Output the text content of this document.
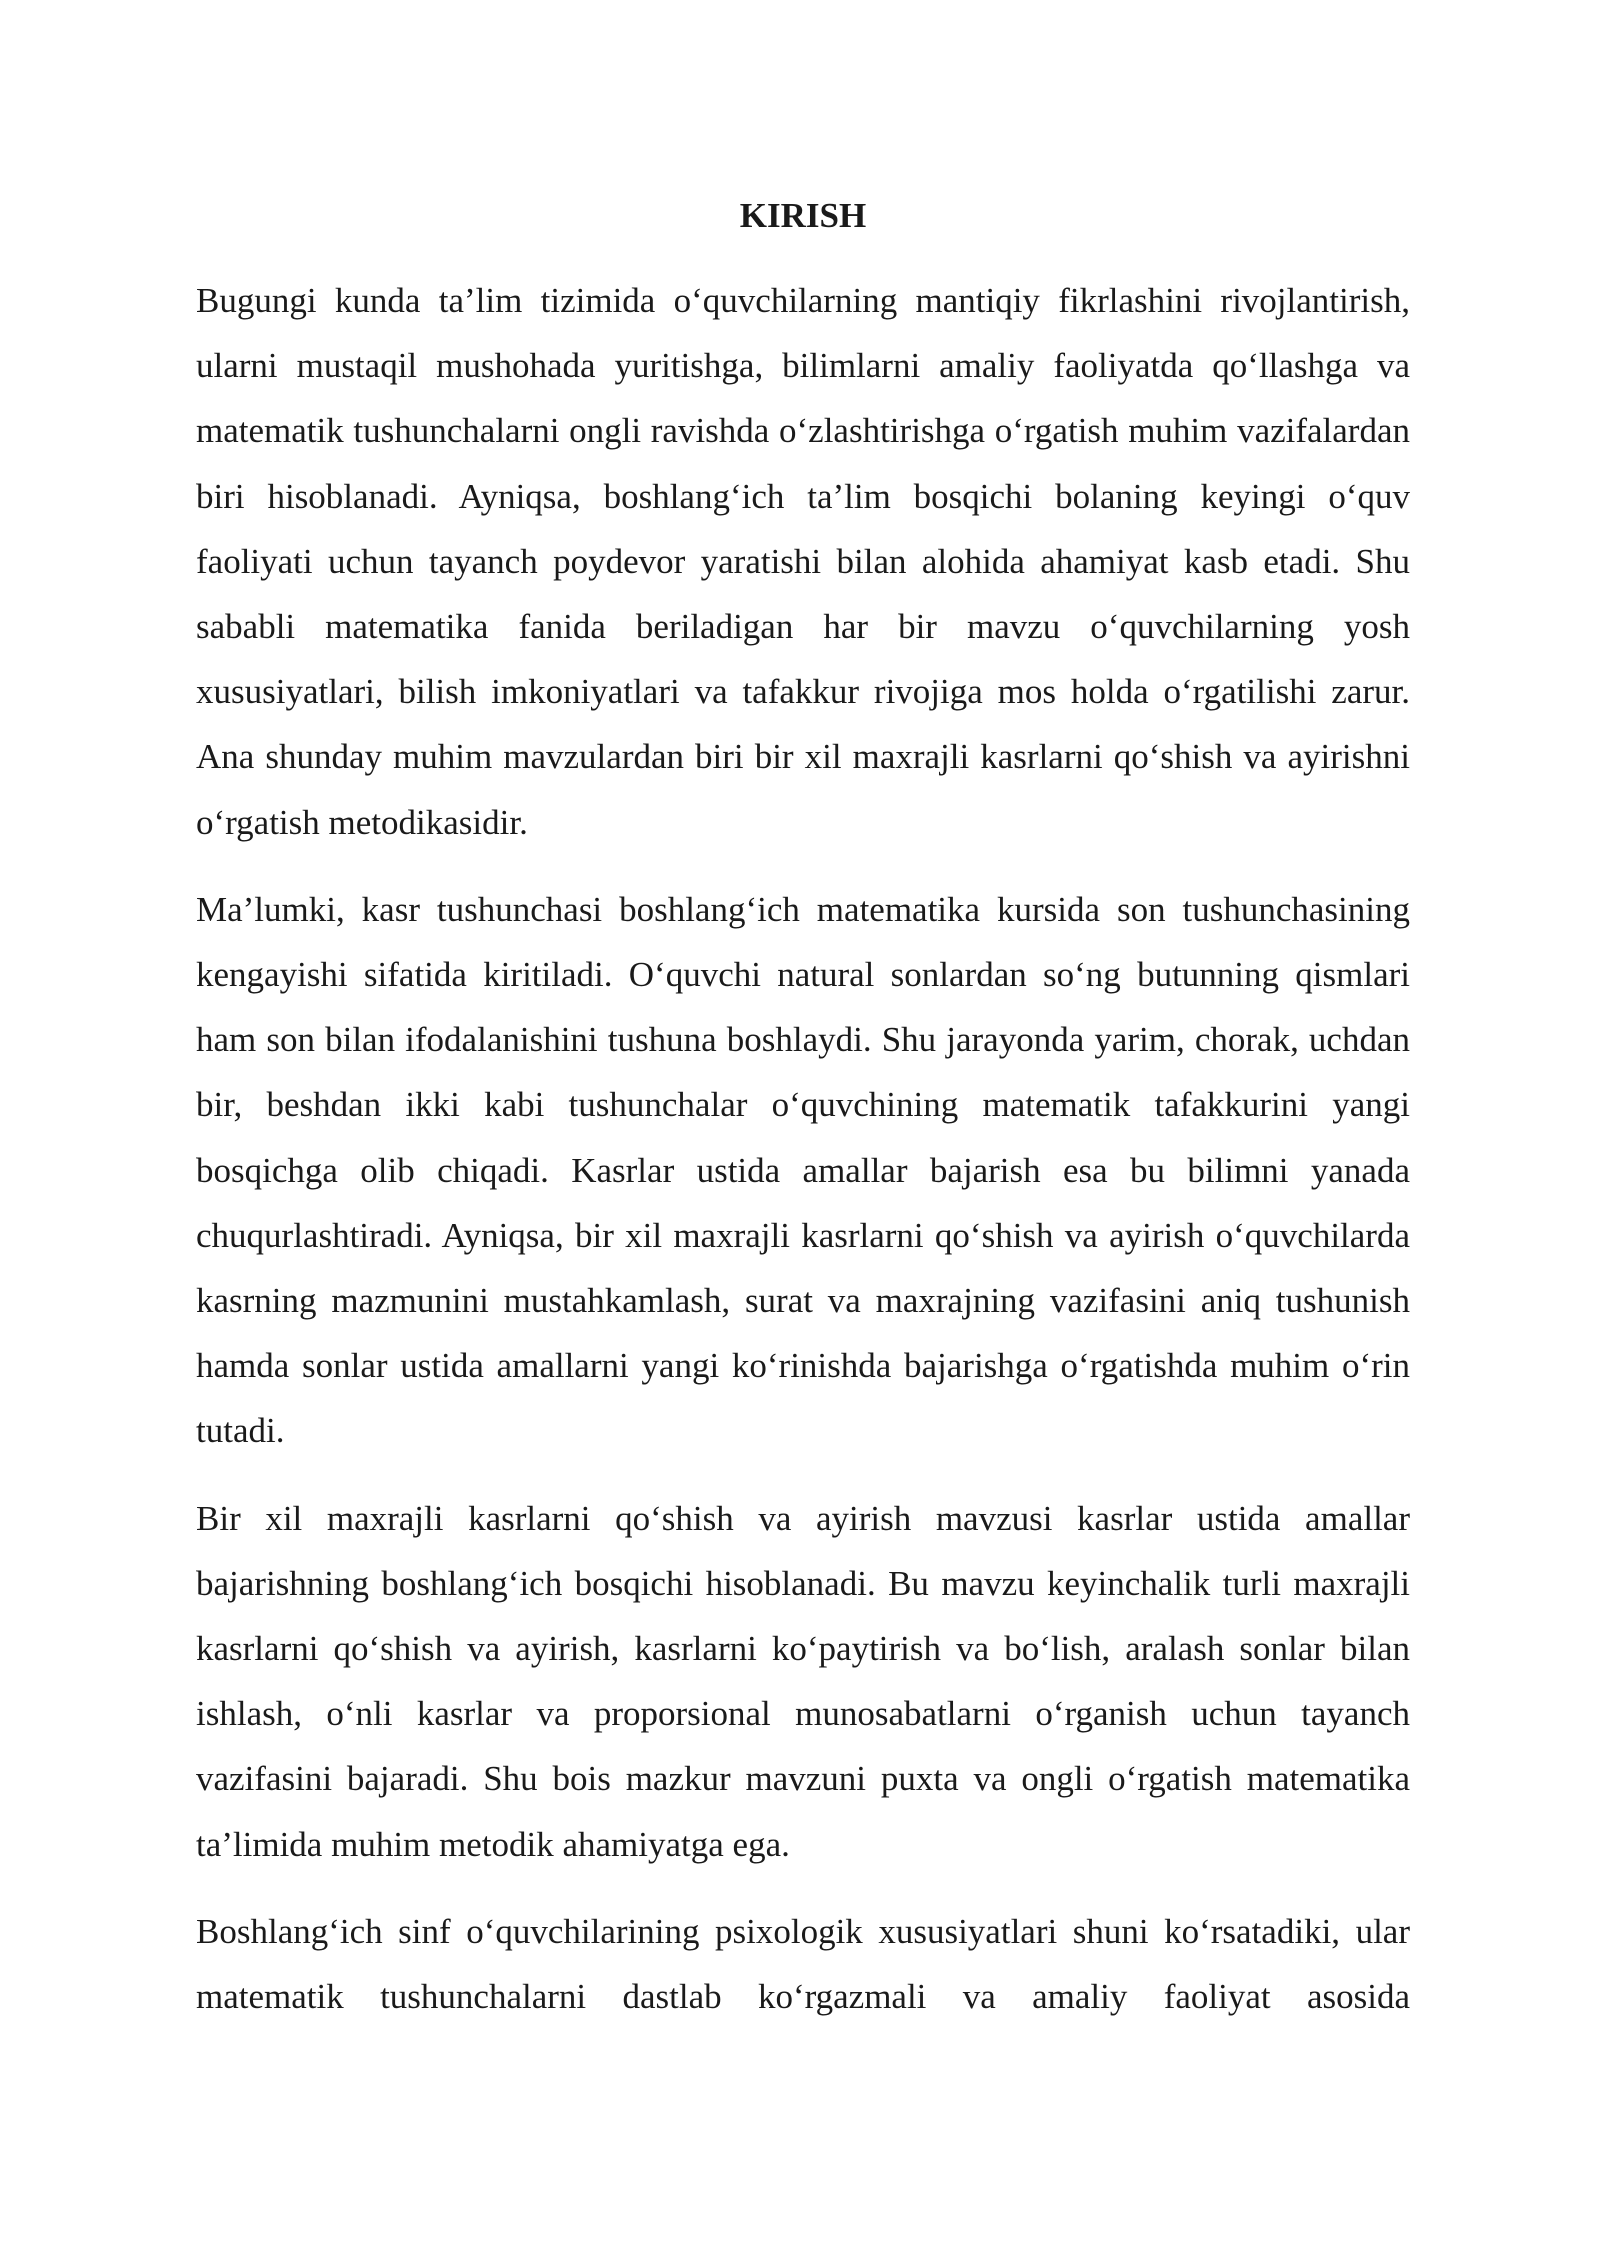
KIRISH

Bugungi kunda ta’lim tizimida o‘quvchilarning mantiqiy fikrlashini rivojlantirish, ularni mustaqil mushohada yuritishga, bilimlarni amaliy faoliyatda qo‘llashga va matematik tushunchalarni ongli ravishda o‘zlashtirishga o‘rgatish muhim vazifalardan biri hisoblanadi. Ayniqsa, boshlang‘ich ta’lim bosqichi bolaning keyingi o‘quv faoliyati uchun tayanch poydevor yaratishi bilan alohida ahamiyat kasb etadi. Shu sababli matematika fanida beriladigan har bir mavzu o‘quvchilarning yosh xususiyatlari, bilish imkoniyatlari va tafakkur rivojiga mos holda o‘rgatilishi zarur. Ana shunday muhim mavzulardan biri bir xil maxrajli kasrlarni qo‘shish va ayirishni o‘rgatish metodikasidir.

Ma’lumki, kasr tushunchasi boshlang‘ich matematika kursida son tushunchasining kengayishi sifatida kiritiladi. O‘quvchi natural sonlardan so‘ng butunning qismlari ham son bilan ifodalanishini tushuna boshlaydi. Shu jarayonda yarim, chorak, uchdan bir, beshdan ikki kabi tushunchalar o‘quvchining matematik tafakkurini yangi bosqichga olib chiqadi. Kasrlar ustida amallar bajarish esa bu bilimni yanada chuqurlashtiradi. Ayniqsa, bir xil maxrajli kasrlarni qo‘shish va ayirish o‘quvchilarda kasrning mazmunini mustahkamlash, surat va maxrajning vazifasini aniq tushunish hamda sonlar ustida amallarni yangi ko‘rinishda bajarishga o‘rgatishda muhim o‘rin tutadi.

Bir xil maxrajli kasrlarni qo‘shish va ayirish mavzusi kasrlar ustida amallar bajarishning boshlang‘ich bosqichi hisoblanadi. Bu mavzu keyinchalik turli maxrajli kasrlarni qo‘shish va ayirish, kasrlarni ko‘paytirish va bo‘lish, aralash sonlar bilan ishlash, o‘nli kasrlar va proporsional munosabatlarni o‘rganish uchun tayanch vazifasini bajaradi. Shu bois mazkur mavzuni puxta va ongli o‘rgatish matematika ta’limida muhim metodik ahamiyatga ega.

Boshlang‘ich sinf o‘quvchilarining psixologik xususiyatlari shuni ko‘rsatadiki, ular matematik tushunchalarni dastlab ko‘rgazmali va amaliy faoliyat asosida
